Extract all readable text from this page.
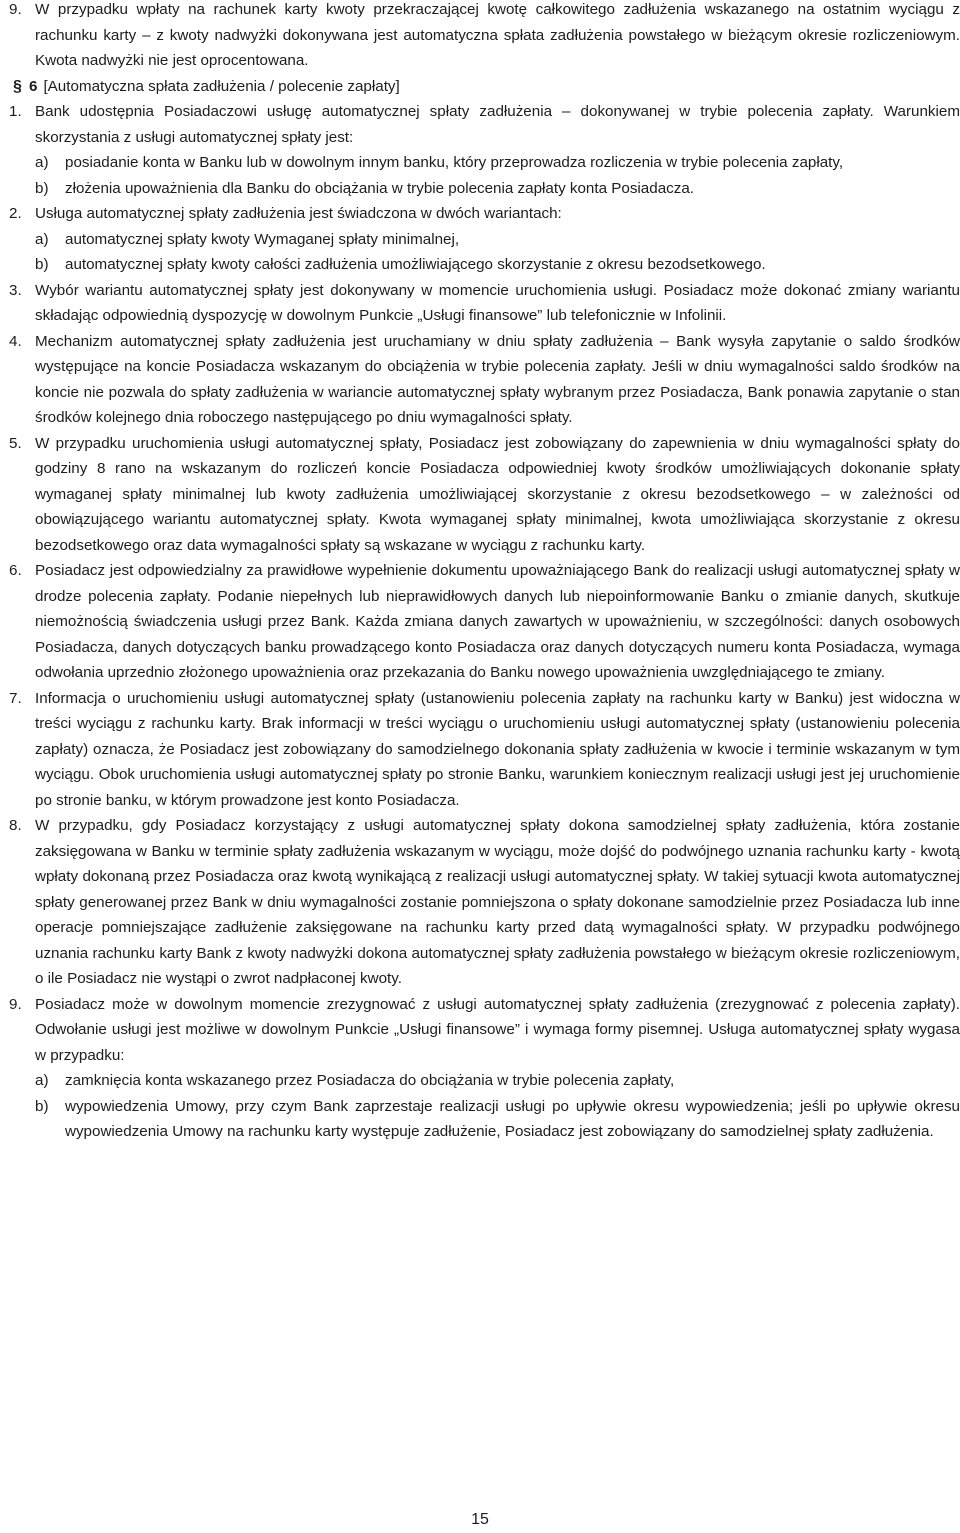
9. W przypadku wpłaty na rachunek karty kwoty przekraczającej kwotę całkowitego zadłużenia wskazanego na ostatnim wyciągu z rachunku karty – z kwoty nadwyżki dokonywana jest automatyczna spłata zadłużenia powstałego w bieżącym okresie rozliczeniowym. Kwota nadwyżki nie jest oprocentowana.
§ 6 [Automatyczna spłata zadłużenia / polecenie zapłaty]
1. Bank udostępnia Posiadaczowi usługę automatycznej spłaty zadłużenia – dokonywanej w trybie polecenia zapłaty. Warunkiem skorzystania z usługi automatycznej spłaty jest:
a)	posiadanie konta w Banku lub w dowolnym innym banku, który przeprowadza rozliczenia w trybie polecenia zapłaty,
b)	złożenia upoważnienia dla Banku do obciążania w trybie polecenia zapłaty konta Posiadacza.
2. Usługa automatycznej spłaty zadłużenia jest świadczona w dwóch wariantach:
a)	automatycznej spłaty kwoty Wymaganej spłaty minimalnej,
b)	automatycznej spłaty kwoty całości zadłużenia umożliwiającego skorzystanie z okresu bezodsetkowego.
3. Wybór wariantu automatycznej spłaty jest dokonywany w momencie uruchomienia usługi. Posiadacz może dokonać zmiany wariantu składając odpowiednią dyspozycję w dowolnym Punkcie „Usługi finansowe” lub telefonicznie w Infolinii.
4. Mechanizm automatycznej spłaty zadłużenia jest uruchamiany w dniu spłaty zadłużenia – Bank wysyła zapytanie o saldo środków występujące na koncie Posiadacza wskazanym do obciążenia w trybie polecenia zapłaty. Jeśli w dniu wymagalności saldo środków na koncie nie pozwala do spłaty zadłużenia w wariancie automatycznej spłaty wybranym przez Posiadacza, Bank ponawia zapytanie o stan środków kolejnego dnia roboczego następującego po dniu wymagalności spłaty.
5. W przypadku uruchomienia usługi automatycznej spłaty, Posiadacz jest zobowiązany do zapewnienia w dniu wymagalności spłaty do godziny 8 rano na wskazanym do rozliczeń koncie Posiadacza odpowiedniej kwoty środków umożliwiających dokonanie spłaty wymaganej spłaty minimalnej lub kwoty zadłużenia umożliwiającej skorzystanie z okresu bezodsetkowego – w zależności od obowiązującego wariantu automatycznej spłaty. Kwota wymaganej spłaty minimalnej, kwota umożliwiająca skorzystanie z okresu bezodsetkowego oraz data wymagalności spłaty są wskazane w wyciągu z rachunku karty.
6. Posiadacz jest odpowiedzialny za prawidłowe wypełnienie dokumentu upoważniającego Bank do realizacji usługi automatycznej spłaty w drodze polecenia zapłaty. Podanie niepełnych lub nieprawidłowych danych lub niepoinformowanie Banku o zmianie danych, skutkuje niemożnością świadczenia usługi przez Bank. Każda zmiana danych zawartych w upoważnieniu, w szczególności: danych osobowych Posiadacza, danych dotyczących banku prowadzącego konto Posiadacza oraz danych dotyczących numeru konta Posiadacza, wymaga odwołania uprzednio złożonego upoważnienia oraz przekazania do Banku nowego upoważnienia uwzględniającego te zmiany.
7. Informacja o uruchomieniu usługi automatycznej spłaty (ustanowieniu polecenia zapłaty na rachunku karty w Banku) jest widoczna w treści wyciągu z rachunku karty. Brak informacji w treści wyciągu o uruchomieniu usługi automatycznej spłaty (ustanowieniu polecenia zapłaty) oznacza, że Posiadacz jest zobowiązany do samodzielnego dokonania spłaty zadłużenia w kwocie i terminie wskazanym w tym wyciągu. Obok uruchomienia usługi automatycznej spłaty po stronie Banku, warunkiem koniecznym realizacji usługi jest jej uruchomienie po stronie banku, w którym prowadzone jest konto Posiadacza.
8. W przypadku, gdy Posiadacz korzystający z usługi automatycznej spłaty dokona samodzielnej spłaty zadłużenia, która zostanie zaksięgowana w Banku w terminie spłaty zadłużenia wskazanym w wyciągu, może dojść do podwójnego uznania rachunku karty - kwotą wpłaty dokonaną przez Posiadacza oraz kwotą wynikającą z realizacji usługi automatycznej spłaty. W takiej sytuacji kwota automatycznej spłaty generowanej przez Bank w dniu wymagalności zostanie pomniejszona o spłaty dokonane samodzielnie przez Posiadacza lub inne operacje pomniejszające zadłużenie zaksięgowane na rachunku karty przed datą wymagalności spłaty. W przypadku podwójnego uznania rachunku karty Bank z kwoty nadwyżki dokona automatycznej spłaty zadłużenia powstałego w bieżącym okresie rozliczeniowym, o ile Posiadacz nie wystąpi o zwrot nadpłaconej kwoty.
9. Posiadacz może w dowolnym momencie zrezygnować z usługi automatycznej spłaty zadłużenia (zrezygnować z polecenia zapłaty). Odwołanie usługi jest możliwe w dowolnym Punkcie „Usługi finansowe” i wymaga formy pisemnej. Usługa automatycznej spłaty wygasa w przypadku:
a)	zamknięcia konta wskazanego przez Posiadacza do obciążania w trybie polecenia zapłaty,
b)	wypowiedzenia Umowy, przy czym Bank zaprzestaje realizacji usługi po upływie okresu wypowiedzenia; jeśli po upływie okresu wypowiedzenia Umowy na rachunku karty występuje zadłużenie, Posiadacz jest zobowiązany do samodzielnej spłaty zadłużenia.
15
